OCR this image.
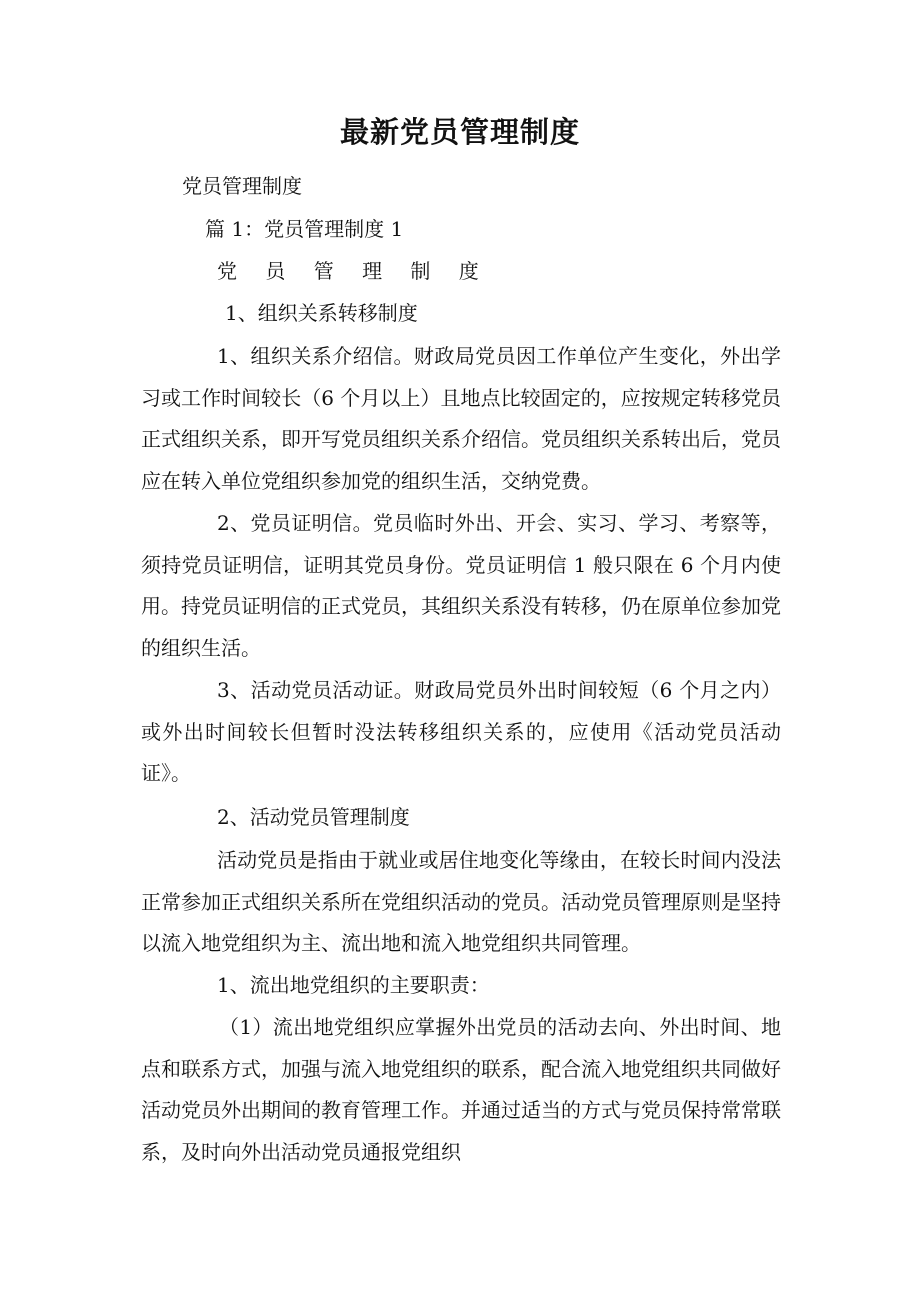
最新党员管理制度
党员管理制度
篇 1：党员管理制度 1
党 员 管 理 制 度
1、组织关系转移制度

1、组织关系介绍信。财政局党员因工作单位产生变化，外出学习或工作时间较长（6 个月以上）且地点比较固定的，应按规定转移党员正式组织关系，即开写党员组织关系介绍信。党员组织关系转出后，党员应在转入单位党组织参加党的组织生活，交纳党费。

2、党员证明信。党员临时外出、开会、实习、学习、考察等，须持党员证明信，证明其党员身份。党员证明信 1 般只限在 6 个月内使用。持党员证明信的正式党员，其组织关系没有转移，仍在原单位参加党的组织生活。

3、活动党员活动证。财政局党员外出时间较短（6 个月之内）或外出时间较长但暂时没法转移组织关系的，应使用《活动党员活动证》。

2、活动党员管理制度

活动党员是指由于就业或居住地变化等缘由，在较长时间内没法正常参加正式组织关系所在党组织活动的党员。活动党员管理原则是坚持以流入地党组织为主、流出地和流入地党组织共同管理。

1、流出地党组织的主要职责：

（1）流出地党组织应掌握外出党员的活动去向、外出时间、地点和联系方式，加强与流入地党组织的联系，配合流入地党组织共同做好活动党员外出期间的教育管理工作。并通过适当的方式与党员保持常常联系，及时向外出活动党员通报党组织
